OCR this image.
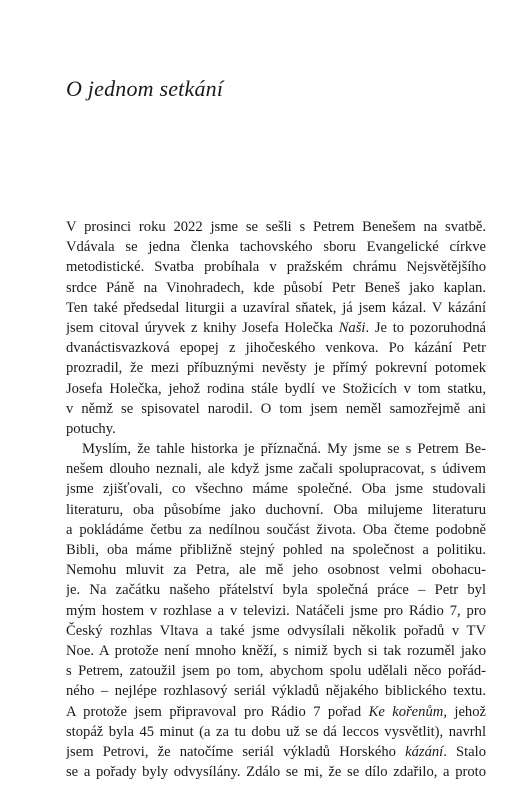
O jednom setkání
V prosinci roku 2022 jsme se sešli s Petrem Benešem na svatbě.
Vdávala se jedna členka tachovského sboru Evangelické církve
metodistické. Svatba probíhala v pražském chrámu Nejsvětějšího
srdce Páně na Vinohradech, kde působí Petr Beneš jako kaplan.
Ten také předsedal liturgii a uzavíral sňatek, já jsem kázal. V kázání
jsem citoval úryvek z knihy Josefa Holečka Naši. Je to pozoruhodná
dvanáctisvazková epopej z jihočeského venkova. Po kázání Petr
prozradil, že mezi příbuznými nevěsty je přímý pokrevní potomek
Josefa Holečka, jehož rodina stále bydlí ve Stožicích v tom statku,
v němž se spisovatel narodil. O tom jsem neměl samozřejmě ani
potuchy.
Myslím, že tahle historka je příznačná. My jsme se s Petrem Be-
nešem dlouho neznali, ale když jsme začali spolupracovat, s údivem
jsme zjišťovali, co všechno máme společné. Oba jsme studovali
literaturu, oba působíme jako duchovní. Oba milujeme literaturu
a pokládáme četbu za nedílnou součást života. Oba čteme podobně
Bibli, oba máme přibližně stejný pohled na společnost a politiku.
Nemohu mluvit za Petra, ale mě jeho osobnost velmi obohacu-
je. Na začátku našeho přátelství byla společná práce – Petr byl
mým hostem v rozhlase a v televizi. Natáčeli jsme pro Rádio 7, pro
Český rozhlas Vltava a také jsme odvysílali několik pořadů v TV
Noe. A protože není mnoho kněží, s nimiž bych si tak rozuměl jako
s Petrem, zatoužil jsem po tom, abychom spolu udělali něco pořád-
ného – nejlépe rozhlasový seriál výkladů nějakého biblického textu.
A protože jsem připravoval pro Rádio 7 pořad Ke kořenům, jehož
stopáž byla 45 minut (a za tu dobu už se dá leccos vysvětlit), navrhl
jsem Petrovi, že natočíme seriál výkladů Horského kázání. Stalo
se a pořady byly odvysílány. Zdálo se mi, že se dílo zdařilo, a proto
